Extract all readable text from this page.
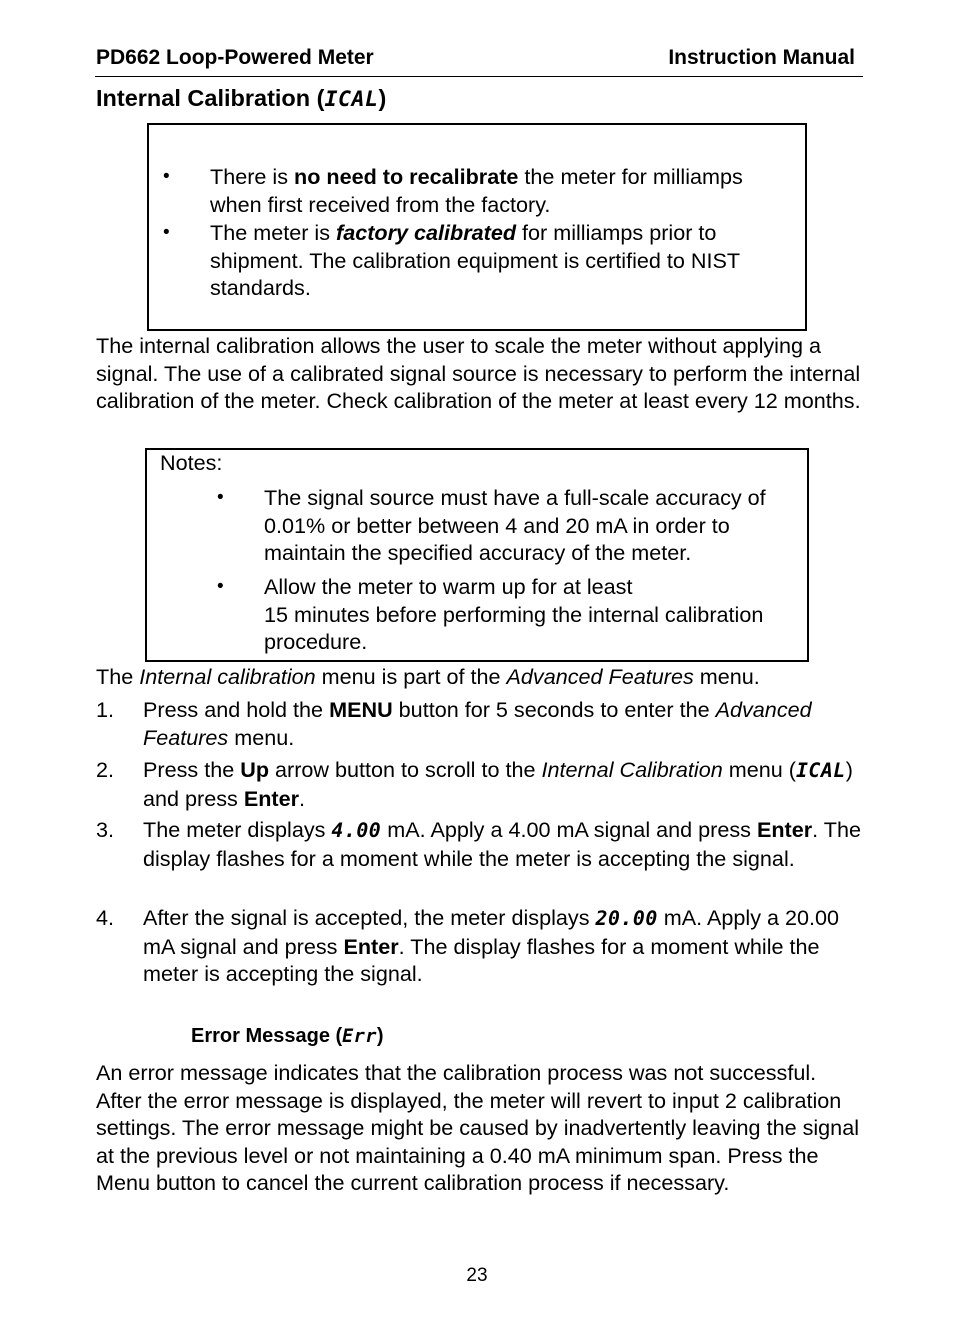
PD662 Loop-Powered Meter	Instruction Manual
Internal Calibration (ICAL)
• There is no need to recalibrate the meter for milliamps when first received from the factory.

• The meter is factory calibrated for milliamps prior to shipment. The calibration equipment is certified to NIST standards.

The internal calibration allows the user to scale the meter without applying a signal. The use of a calibrated signal source is necessary to perform the internal calibration of the meter. Check calibration of the meter at least every 12 months.

Notes:
• The signal source must have a full-scale accuracy of 0.01% or better between 4 and 20 mA in order to maintain the specified accuracy of the meter.

• Allow the meter to warm up for at least
15 minutes before performing the internal calibration procedure.

The Internal calibration menu is part of the Advanced Features menu.

1. Press and hold the MENU button for 5 seconds to enter the Advanced Features menu.

2. Press the Up arrow button to scroll to the Internal Calibration menu (ICAL) and press Enter.

3. The meter displays 4.00 mA. Apply a 4.00 mA signal and press Enter. The display flashes for a moment while the meter is accepting the signal.

4. After the signal is accepted, the meter displays 20.00 mA. Apply a 20.00 mA signal and press Enter. The display flashes for a moment while the meter is accepting the signal.

Error Message (Err)

An error message indicates that the calibration process was not successful. After the error message is displayed, the meter will revert to input 2 calibration settings. The error message might be caused by inadvertently leaving the signal at the previous level or not maintaining a 0.40 mA minimum span. Press the Menu button to cancel the current calibration process if necessary.

23
